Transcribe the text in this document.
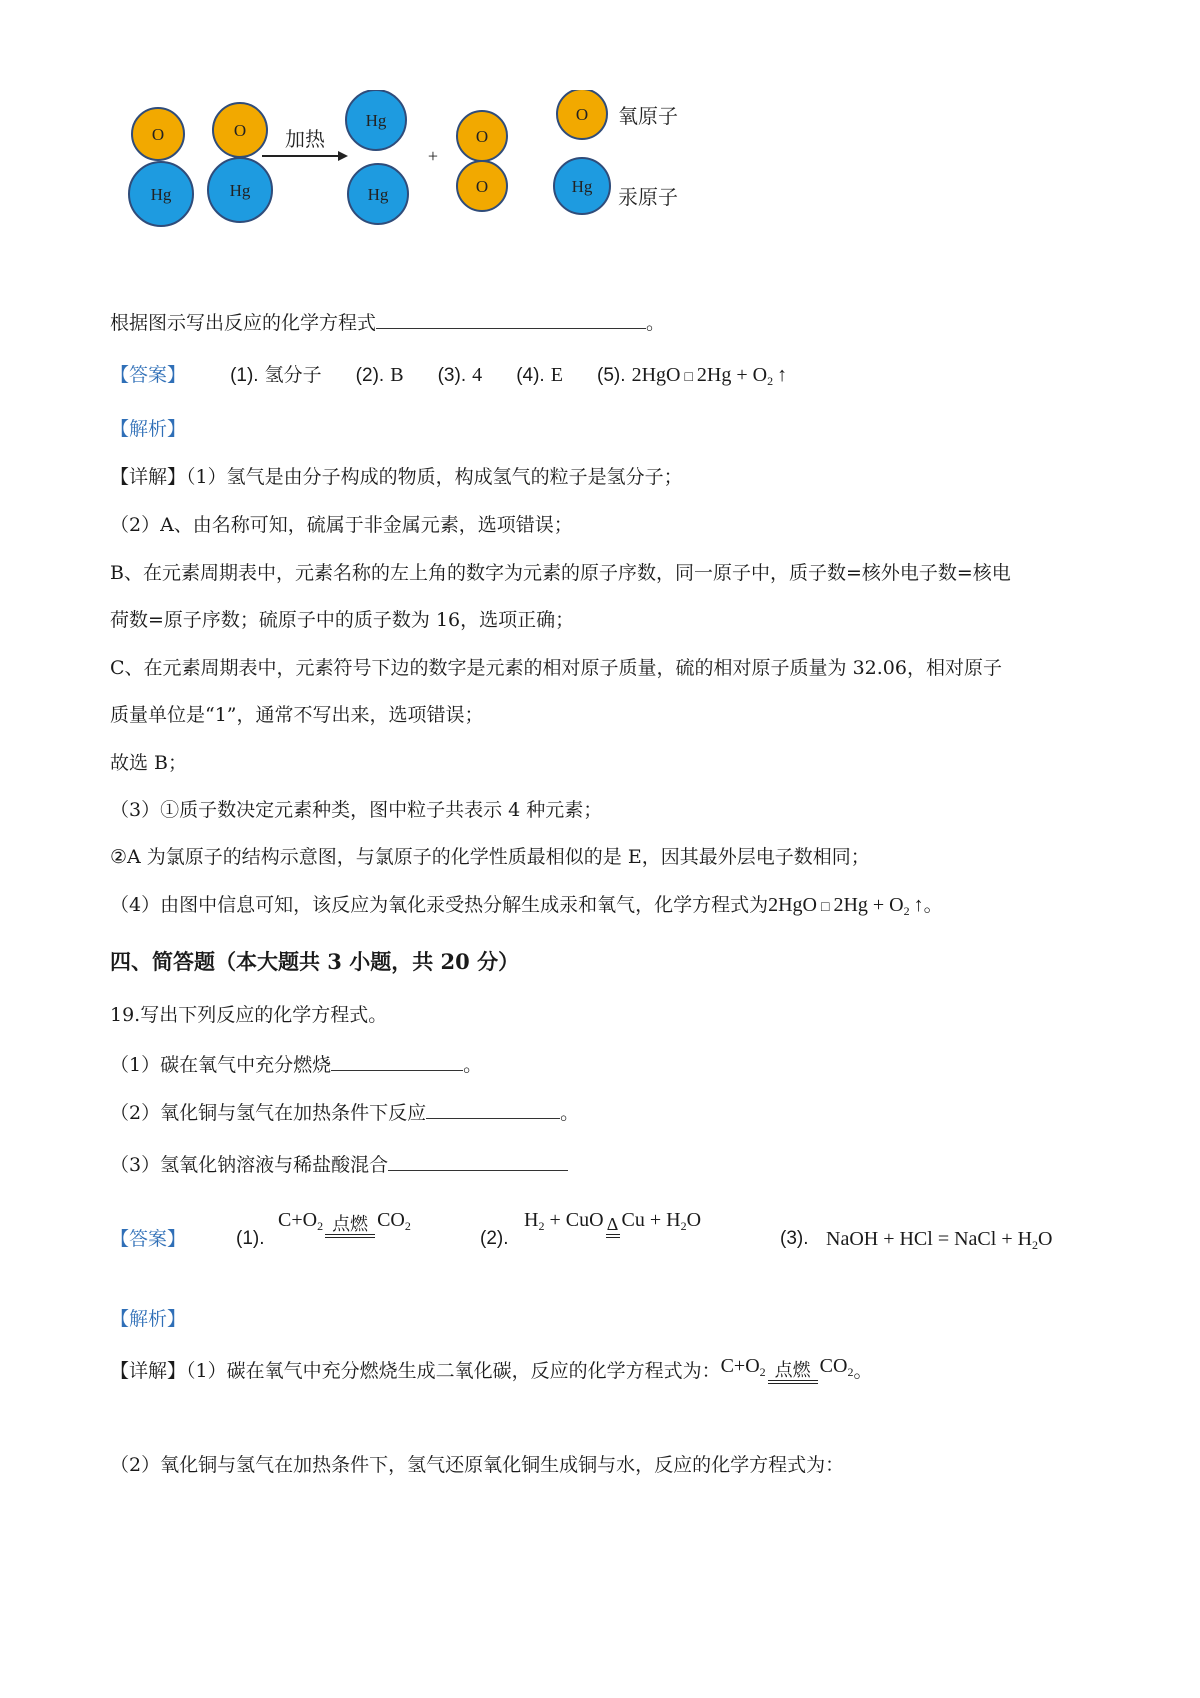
O
Hg
O
Hg
加热
Hg
Hg
+
O
O
O 氧原子
Hg 汞原子
根据图示写出反应的化学方程式	。
【答案】 (1). 氢分子 (2). B (3). 4 (4). E (5). 2HgO □ $2Hg + O_2$ ↑
【解析】
【详解】（1）氢气是由分子构成的物质，构成氢气的粒子是氢分子；
（2）A、由名称可知，硫属于非金属元素，选项错误；
B、在元素周期表中，元素名称的左上角的数字为元素的原子序数，同一原子中，质子数=核外电子数=核电
荷数=原子序数；硫原子中的质子数为 16，选项正确；
C、在元素周期表中，元素符号下边的数字是元素的相对原子质量，硫的相对原子质量为 32.06，相对原子
质量单位是“1”，通常不写出来，选项错误；
故选 B；
（3）①质子数决定元素种类，图中粒子共表示 4 种元素；
②A 为氯原子的结构示意图，与氯原子的化学性质最相似的是 E，因其最外层电子数相同；
（4）由图中信息可知，该反应为氧化汞受热分解生成汞和氧气，化学方程式为2HgO □ $2Hg + O_2$ ↑。
四、简答题（本大题共 3 小题，共 20 分）
19.写出下列反应的化学方程式。
（1）碳在氧气中充分燃烧	。
（2）氧化铜与氢气在加热条件下反应	。
（3）氢氧化钠溶液与稀盐酸混合
【答案】	(1).
$C+O_2$ 点燃 $CO_2$
(2).
$H_2$ + CuO Δ $Cu + H_2O$
(3). NaOH + HCl = NaCl + $H_2O$
【解析】
【详解】（1）碳在氧气中充分燃烧生成二氧化碳，反应的化学方程式为： $C+O_2$ 点燃 $CO_2$ 。
（2）氧化铜与氢气在加热条件下，氢气还原氧化铜生成铜与水，反应的化学方程式为：
